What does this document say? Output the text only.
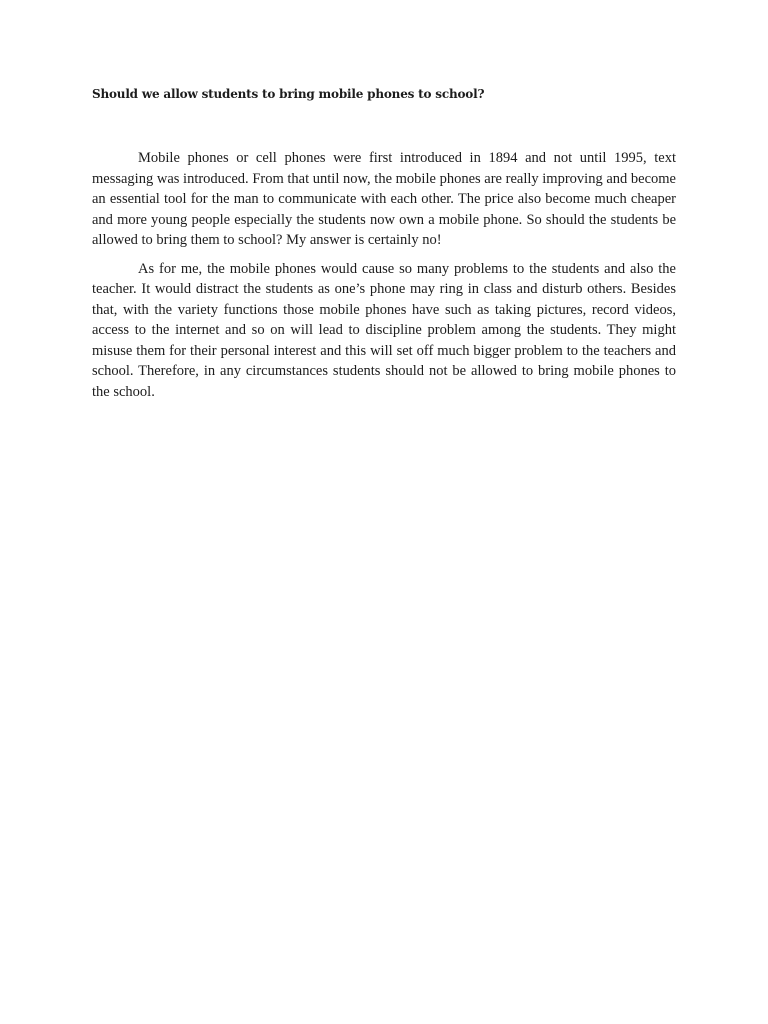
Should we allow students to bring mobile phones to school?

Mobile phones or cell phones were first introduced in 1894 and not until 1995, text messaging was introduced. From that until now, the mobile phones are really improving and become an essential tool for the man to communicate with each other. The price also become much cheaper and more young people especially the students now own a mobile phone. So should the students be allowed to bring them to school? My answer is certainly no!

As for me, the mobile phones would cause so many problems to the students and also the teacher. It would distract the students as one’s phone may ring in class and disturb others. Besides that, with the variety functions those mobile phones have such as taking pictures, record videos, access to the internet and so on will lead to discipline problem among the students. They might misuse them for their personal interest and this will set off much bigger problem to the teachers and school. Therefore, in any circumstances students should not be allowed to bring mobile phones to the school.
